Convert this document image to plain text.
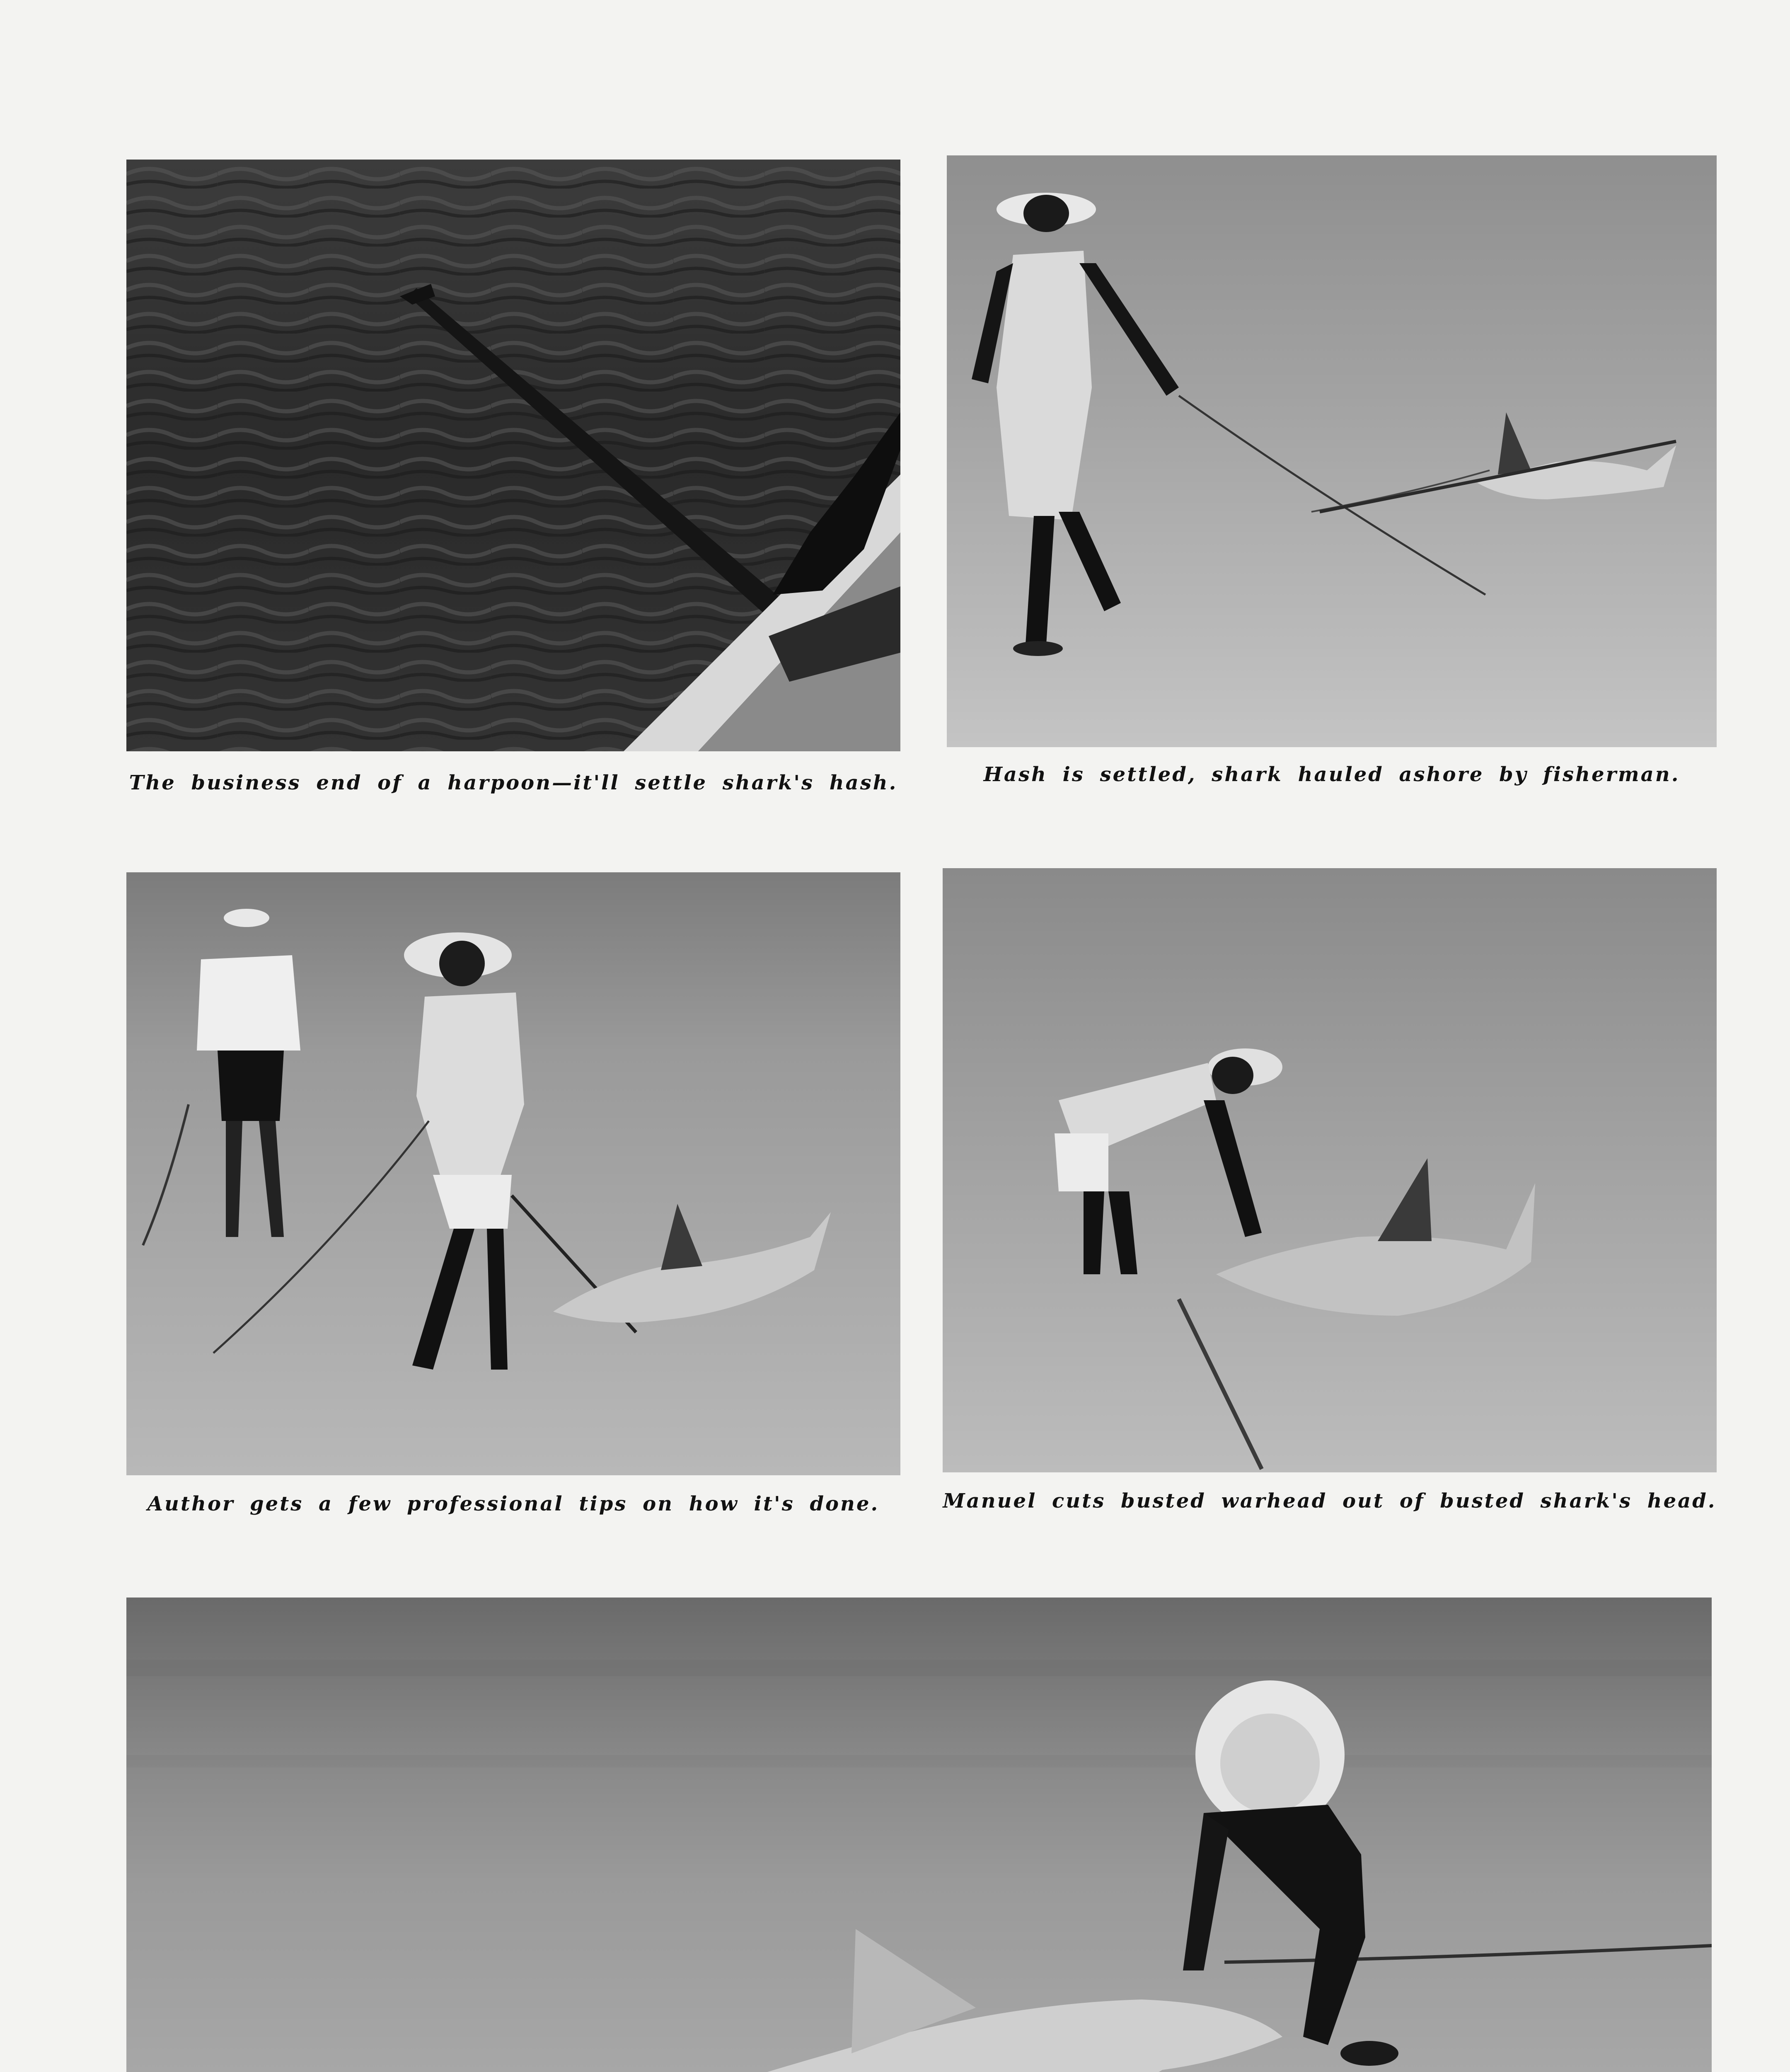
The business end of a harpoon—it'll settle shark's hash.	Hash is settled, shark hauled ashore by fisherman.
Author gets a few professional tips on how it's done.	Manuel cuts busted warhead out of busted shark's head.
